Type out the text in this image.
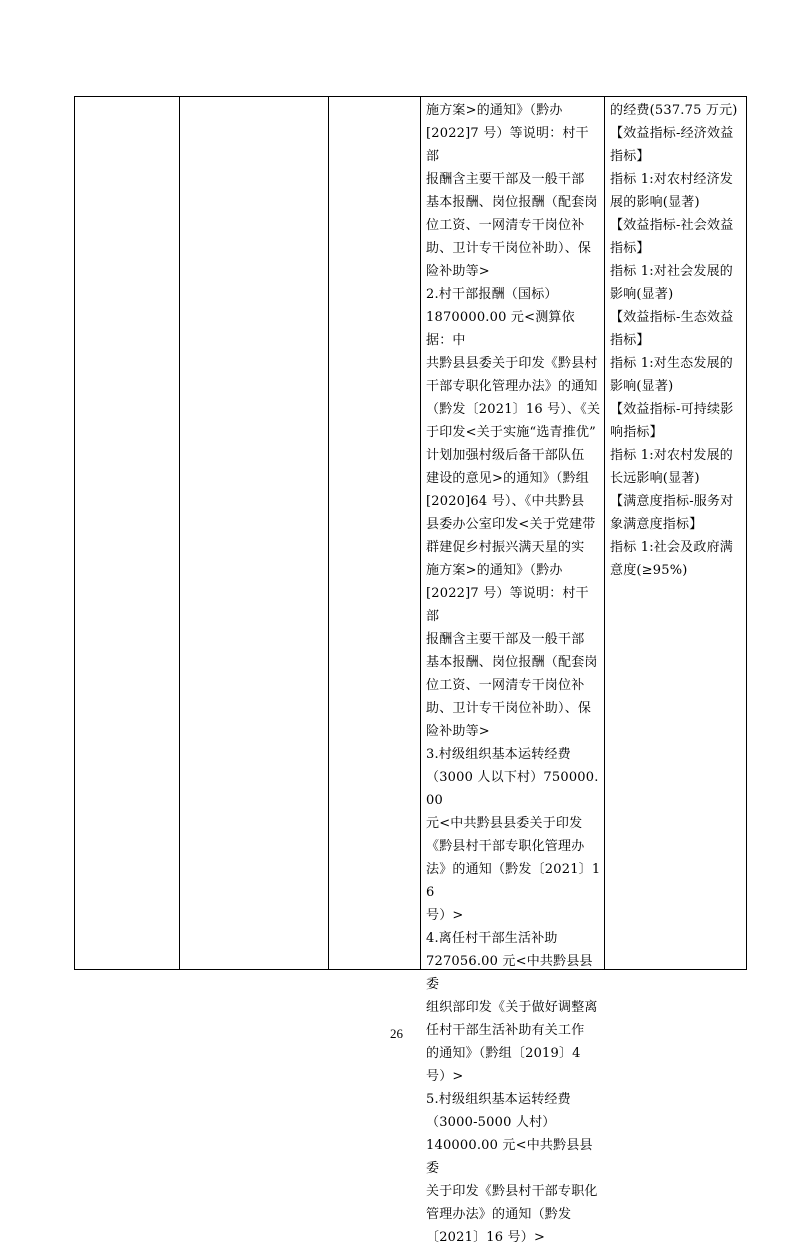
施方案>的通知》（黔办
[2022]7 号）等说明：村干部
报酬含主要干部及一般干部
基本报酬、岗位报酬（配套岗
位工资、一网清专干岗位补
助、卫计专干岗位补助）、保
险补助等>
2.村干部报酬（国标）
1870000.00 元<测算依据：中
共黔县县委关于印发《黔县村
干部专职化管理办法》的通知
（黔发〔2021〕16 号）、《关
于印发<关于实施“选青推优”
计划加强村级后备干部队伍
建设的意见>的通知》（黔组
[2020]64 号）、《中共黔县
县委办公室印发<关于党建带
群建促乡村振兴满天星的实
施方案>的通知》（黔办
[2022]7 号）等说明：村干部
报酬含主要干部及一般干部
基本报酬、岗位报酬（配套岗
位工资、一网清专干岗位补
助、卫计专干岗位补助）、保
险补助等>
3.村级组织基本运转经费
（3000 人以下村）750000.00
元<中共黔县县委关于印发
《黔县村干部专职化管理办
法》的通知（黔发〔2021〕16
号）>
4.离任村干部生活补助
727056.00 元<中共黔县县委
组织部印发《关于做好调整离
任村干部生活补助有关工作
的通知》（黔组〔2019〕4 号）>
5.村级组织基本运转经费
（3000-5000 人村）
140000.00 元<中共黔县县委
关于印发《黔县村干部专职化
管理办法》的通知（黔发
〔2021〕16 号）>
的经费(537.75 万元)
【效益指标-经济效益
指标】
指标 1:对农村经济发
展的影响(显著)
【效益指标-社会效益
指标】
指标 1:对社会发展的
影响(显著)
【效益指标-生态效益
指标】
指标 1:对生态发展的
影响(显著)
【效益指标-可持续影
响指标】
指标 1:对农村发展的
长远影响(显著)
【满意度指标-服务对
象满意度指标】
指标 1:社会及政府满
意度(≥95%)
26
